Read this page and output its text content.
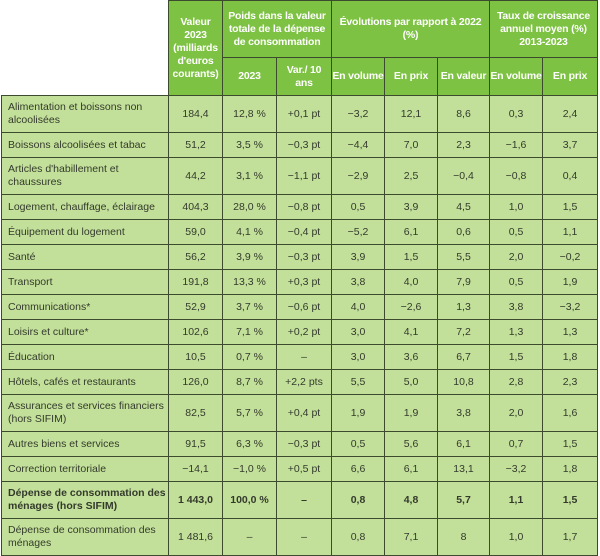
	Valeur 2023 (milliards d'euros courants)	Poids dans la valeur totale de la dépense de consommation		Évolutions par rapport à 2022 (%)			Taux de croissance annuel moyen (%) 2013-2023	
		2023	Var./ 10 ans	En volume	En prix	En valeur	En volume	En prix
Alimentation et boissons non alcoolisées	184,4	12,8 %	+0,1 pt	−3,2	12,1	8,6	0,3	2,4
Boissons alcoolisées et tabac	51,2	3,5 %	−0,3 pt	−4,4	7,0	2,3	−1,6	3,7
Articles d'habillement et chaussures	44,2	3,1 %	−1,1 pt	−2,9	2,5	−0,4	−0,8	0,4
Logement, chauffage, éclairage	404,3	28,0 %	−0,8 pt	0,5	3,9	4,5	1,0	1,5
Équipement du logement	59,0	4,1 %	−0,4 pt	−5,2	6,1	0,6	0,5	1,1
Santé	56,2	3,9 %	−0,3 pt	3,9	1,5	5,5	2,0	−0,2
Transport	191,8	13,3 %	+0,3 pt	3,8	4,0	7,9	0,5	1,9
Communications*	52,9	3,7 %	−0,6 pt	4,0	−2,6	1,3	3,8	−3,2
Loisirs et culture*	102,6	7,1 %	+0,2 pt	3,0	4,1	7,2	1,3	1,3
Éducation	10,5	0,7 %	–	3,0	3,6	6,7	1,5	1,8
Hôtels, cafés et restaurants	126,0	8,7 %	+2,2 pts	5,5	5,0	10,8	2,8	2,3
Assurances et services financiers (hors SIFIM)	82,5	5,7 %	+0,4 pt	1,9	1,9	3,8	2,0	1,6
Autres biens et services	91,5	6,3 %	−0,3 pt	0,5	5,6	6,1	0,7	1,5
Correction territoriale	−14,1	−1,0 %	+0,5 pt	6,6	6,1	13,1	−3,2	1,8
Dépense de consommation des ménages (hors SIFIM)	1 443,0	100,0 %	–	0,8	4,8	5,7	1,1	1,5
Dépense de consommation des ménages	1 481,6	–	–	0,8	7,1	8	1,0	1,7
